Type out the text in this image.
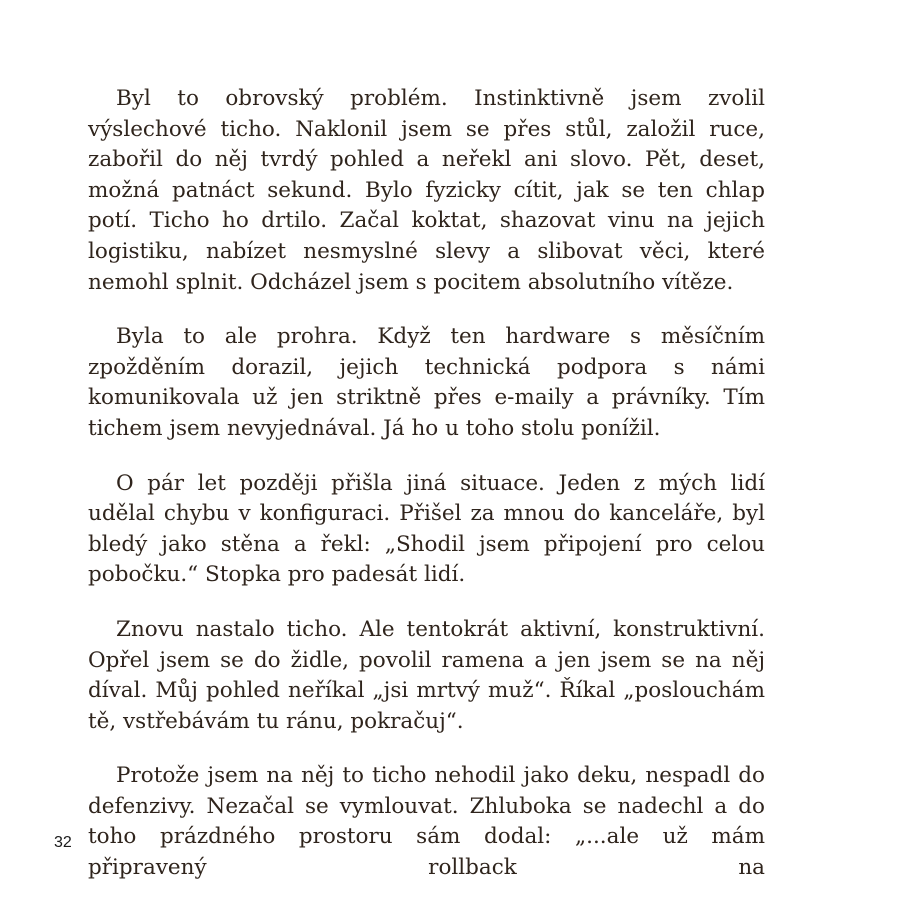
Byl to obrovský problém. Instinktivně jsem zvolil výslechové ticho. Naklonil jsem se přes stůl, založil ruce, zabořil do něj tvrdý pohled a neřekl ani slovo. Pět, deset, možná patnáct sekund. Bylo fyzicky cítit, jak se ten chlap potí. Ticho ho drtilo. Začal koktat, shazovat vinu na jejich logistiku, nabízet nesmyslné slevy a slibovat věci, které nemohl splnit. Odcházel jsem s pocitem absolutního vítěze.

Byla to ale prohra. Když ten hardware s měsíčním zpožděním dorazil, jejich technická podpora s námi komunikovala už jen striktně přes e-maily a právníky. Tím tichem jsem nevyjednával. Já ho u toho stolu ponížil.

O pár let později přišla jiná situace. Jeden z mých lidí udělal chybu v konfiguraci. Přišel za mnou do kanceláře, byl bledý jako stěna a řekl: „Shodil jsem připojení pro celou pobočku.“ Stopka pro padesát lidí.

Znovu nastalo ticho. Ale tentokrát aktivní, konstruktivní. Opřel jsem se do židle, povolil ramena a jen jsem se na něj díval. Můj pohled neříkal „jsi mrtvý muž“. Říkal „poslouchám tě, vstřebávám tu ránu, pokračuj“.

Protože jsem na něj to ticho nehodil jako deku, nespadl do defenzivy. Nezačal se vymlouvat. Zhluboka se nadechl a do toho prázdného prostoru sám dodal: „...ale už mám připravený rollback na

32
